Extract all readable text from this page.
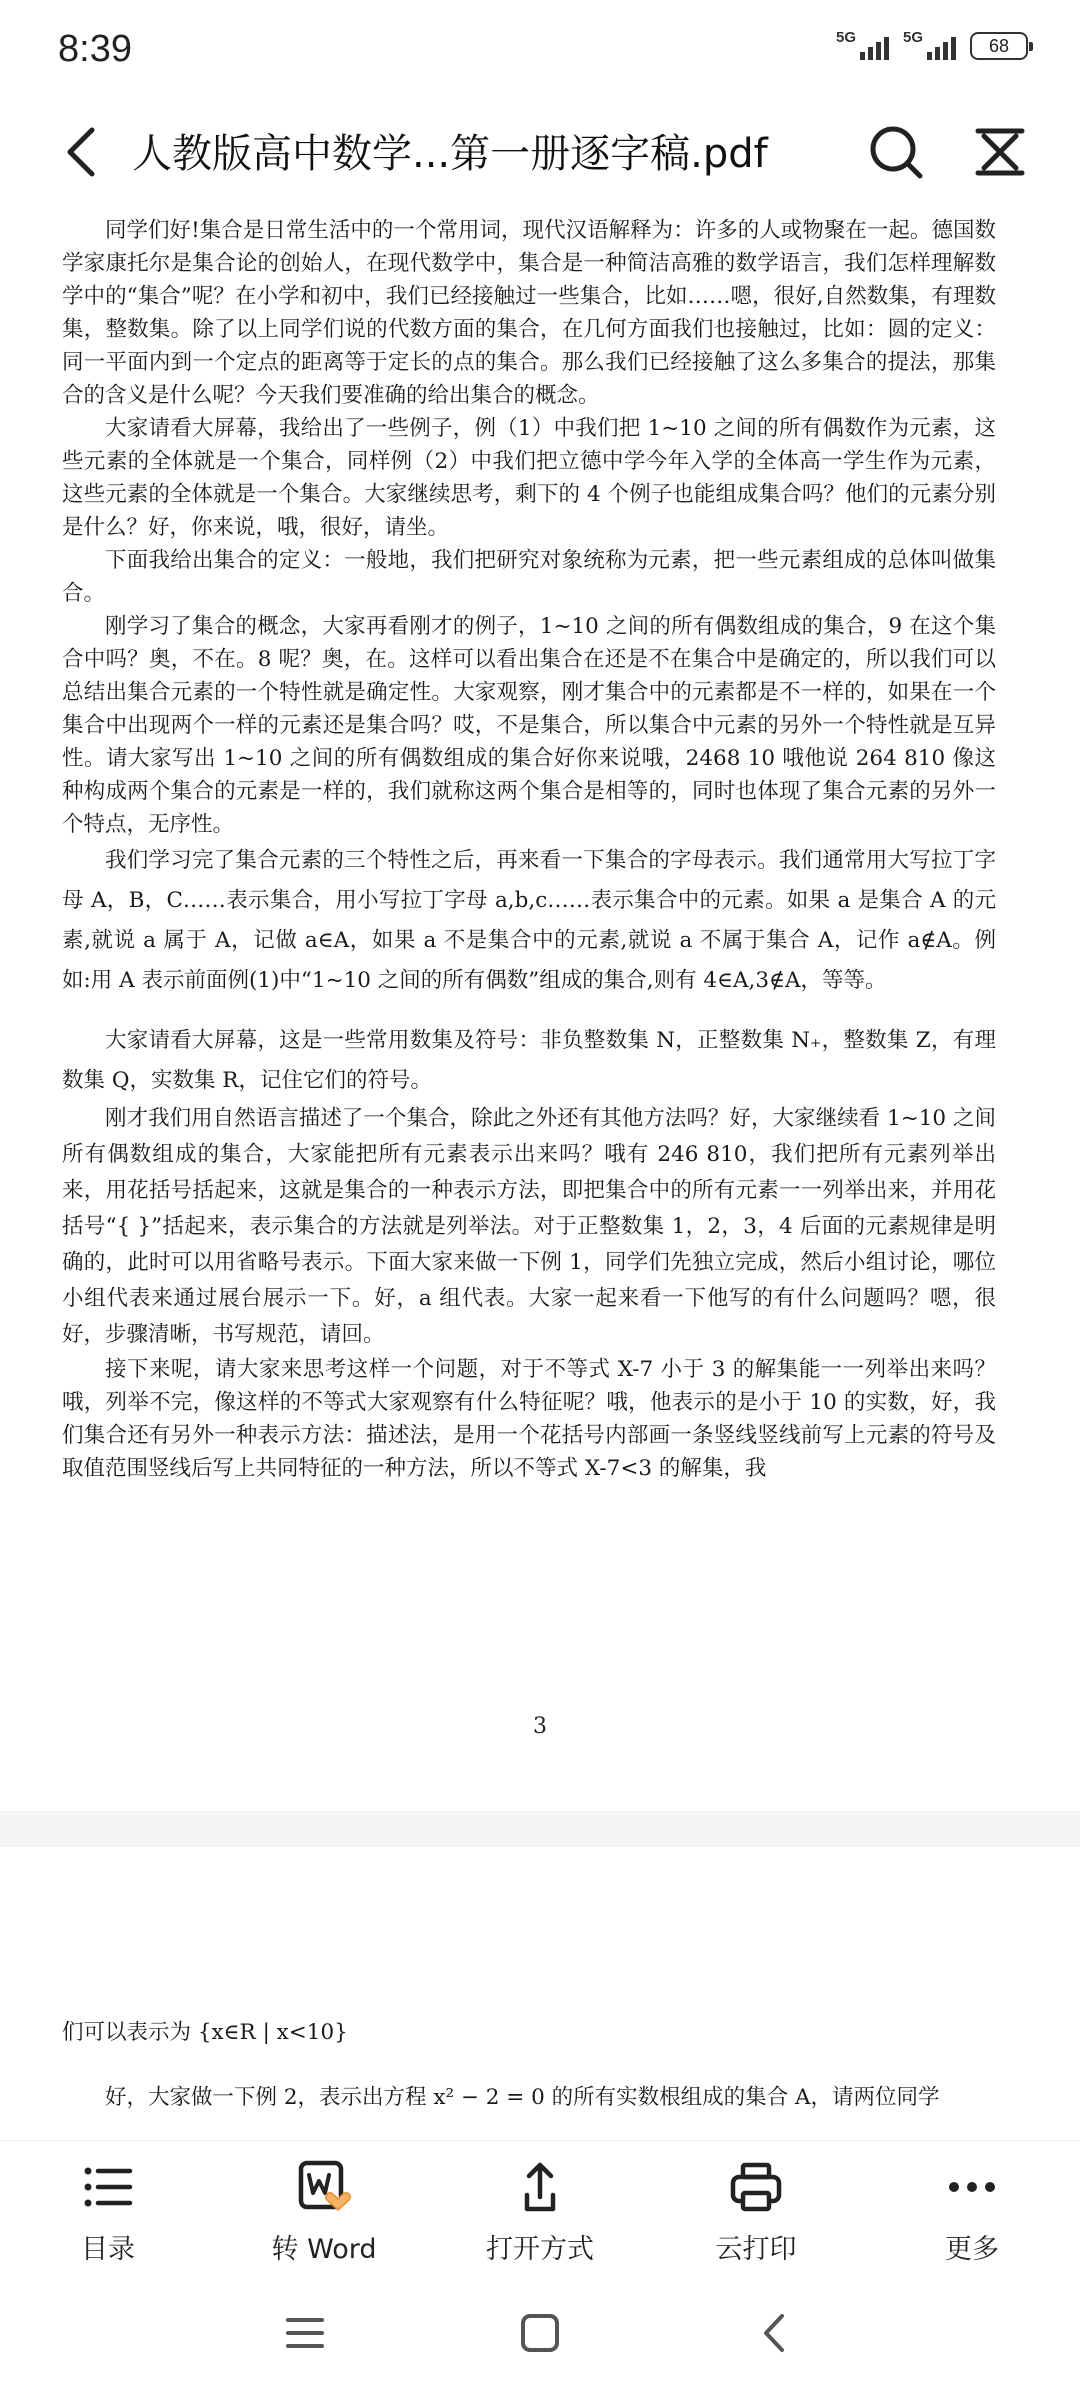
8:39	5G	5G	68
人教版高中数学...第一册逐字稿.pdf

同学们好!集合是日常生活中的一个常用词，现代汉语解释为：许多的人或物聚在一起。德国数学家康托尔是集合论的创始人，在现代数学中，集合是一种简洁高雅的数学语言，我们怎样理解数学中的“集合”呢？在小学和初中，我们已经接触过一些集合，比如……嗯，很好,自然数集，有理数集，整数集。除了以上同学们说的代数方面的集合，在几何方面我们也接触过，比如：圆的定义：同一平面内到一个定点的距离等于定长的点的集合。那么我们已经接触了这么多集合的提法，那集合的含义是什么呢？今天我们要准确的给出集合的概念。

大家请看大屏幕，我给出了一些例子，例（1）中我们把 1~10 之间的所有偶数作为元素，这些元素的全体就是一个集合，同样例（2）中我们把立德中学今年入学的全体高一学生作为元素，这些元素的全体就是一个集合。大家继续思考，剩下的 4 个例子也能组成集合吗？他们的元素分别是什么？好，你来说，哦，很好，请坐。

下面我给出集合的定义：一般地，我们把研究对象统称为元素，把一些元素组成的总体叫做集合。

刚学习了集合的概念，大家再看刚才的例子，1~10 之间的所有偶数组成的集合，9 在这个集合中吗？奥，不在。8 呢？奥，在。这样可以看出集合在还是不在集合中是确定的，所以我们可以总结出集合元素的一个特性就是确定性。大家观察，刚才集合中的元素都是不一样的，如果在一个集合中出现两个一样的元素还是集合吗？哎，不是集合，所以集合中元素的另外一个特性就是互异性。请大家写出 1~10 之间的所有偶数组成的集合好你来说哦，2468 10 哦他说 264 810 像这种构成两个集合的元素是一样的，我们就称这两个集合是相等的，同时也体现了集合元素的另外一个特点，无序性。

我们学习完了集合元素的三个特性之后，再来看一下集合的字母表示。我们通常用大写拉丁字母 A，B，C……表示集合，用小写拉丁字母 a,b,c……表示集合中的元素。如果 a 是集合 A 的元素,就说 a 属于 A，记做 a∈A，如果 a 不是集合中的元素,就说 a 不属于集合 A，记作 a∉A。例如:用 A 表示前面例(1)中“1~10 之间的所有偶数”组成的集合,则有 4∈A,3∉A，等等。

大家请看大屏幕，这是一些常用数集及符号：非负整数集 N，正整数集 N₊，整数集 Z，有理数集 Q，实数集 R，记住它们的符号。

刚才我们用自然语言描述了一个集合，除此之外还有其他方法吗？好，大家继续看 1~10 之间所有偶数组成的集合，大家能把所有元素表示出来吗？哦有 246 810，我们把所有元素列举出来，用花括号括起来，这就是集合的一种表示方法，即把集合中的所有元素一一列举出来，并用花括号“{ }”括起来，表示集合的方法就是列举法。对于正整数集 1，2，3，4 后面的元素规律是明确的，此时可以用省略号表示。下面大家来做一下例 1，同学们先独立完成，然后小组讨论，哪位小组代表来通过展台展示一下。好，a 组代表。大家一起来看一下他写的有什么问题吗？嗯，很好，步骤清晰，书写规范，请回。

接下来呢，请大家来思考这样一个问题，对于不等式 X-7 小于 3 的解集能一一列举出来吗？哦，列举不完，像这样的不等式大家观察有什么特征呢？哦，他表示的是小于 10 的实数，好，我们集合还有另外一种表示方法：描述法，是用一个花括号内部画一条竖线竖线前写上元素的符号及取值范围竖线后写上共同特征的一种方法，所以不等式 X-7<3 的解集，我

3

们可以表示为 {x∈R | x<10}

好，大家做一下例 2，表示出方程 x² − 2 = 0 的所有实数根组成的集合 A，请两位同学

目录	转 Word	打开方式	云打印	更多
